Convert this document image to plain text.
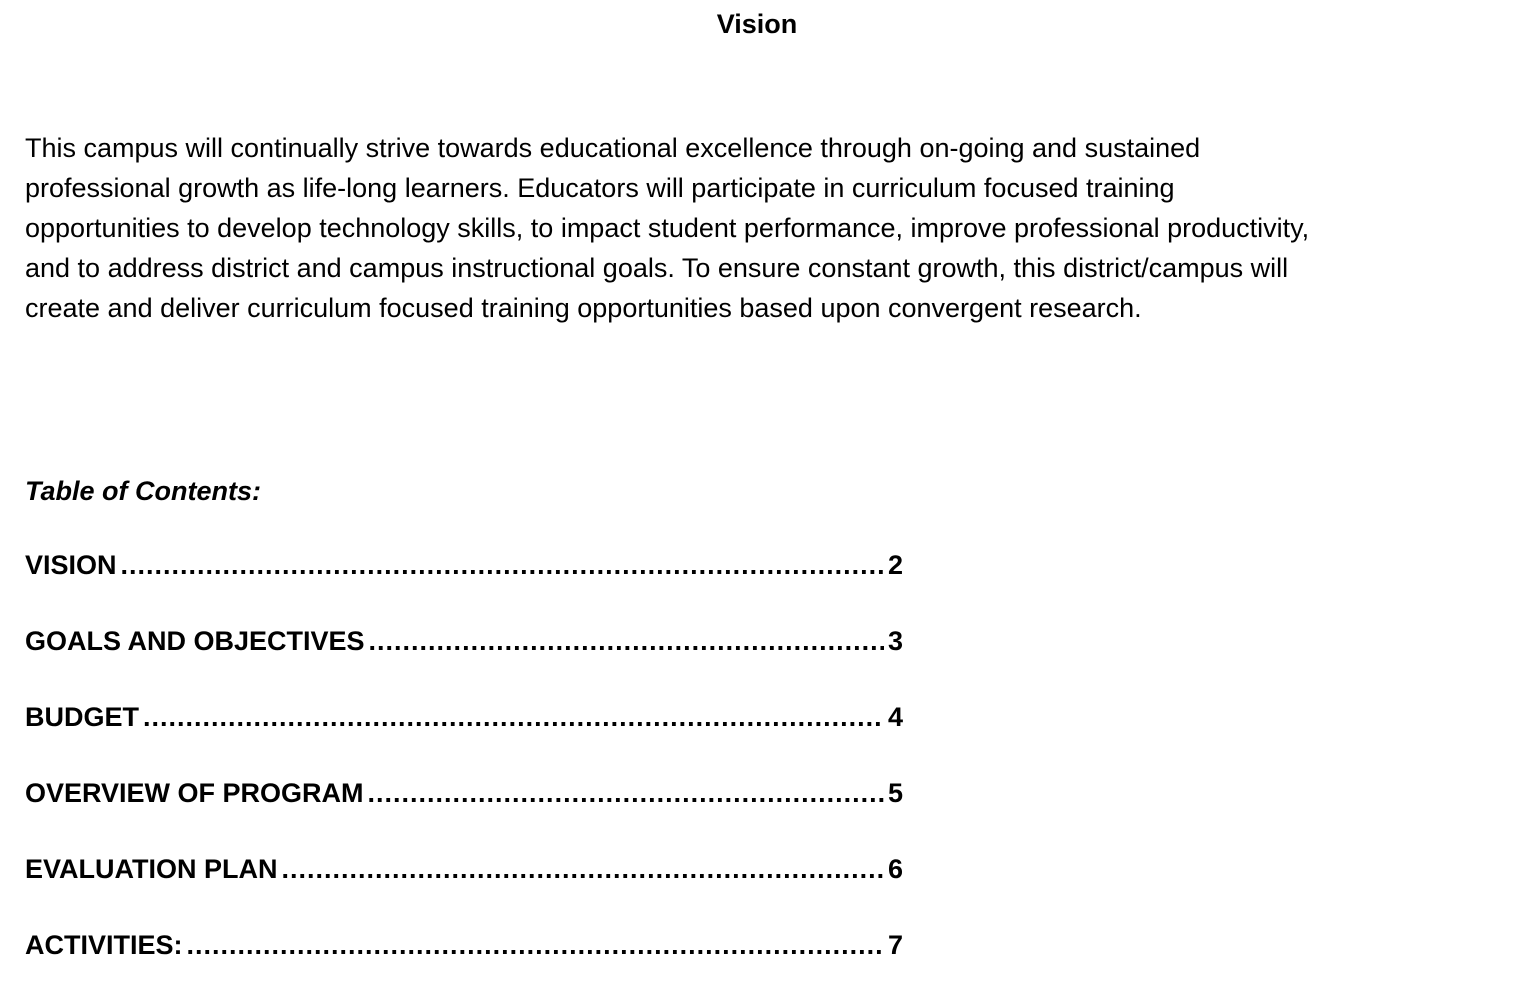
Vision

This campus will continually strive towards educational excellence through on-going and sustained
professional growth as life-long learners. Educators will participate in curriculum focused training
opportunities to develop technology skills, to impact student performance, improve professional productivity,
and to address district and campus instructional goals. To ensure constant growth, this district/campus will
create and deliver curriculum focused training opportunities based upon convergent research.

Table of Contents:
VISION .....	2
GOALS AND OBJECTIVES .....	3
BUDGET .....	4
OVERVIEW OF PROGRAM .....	5
EVALUATION PLAN .....	6
ACTIVITIES: .....	7
